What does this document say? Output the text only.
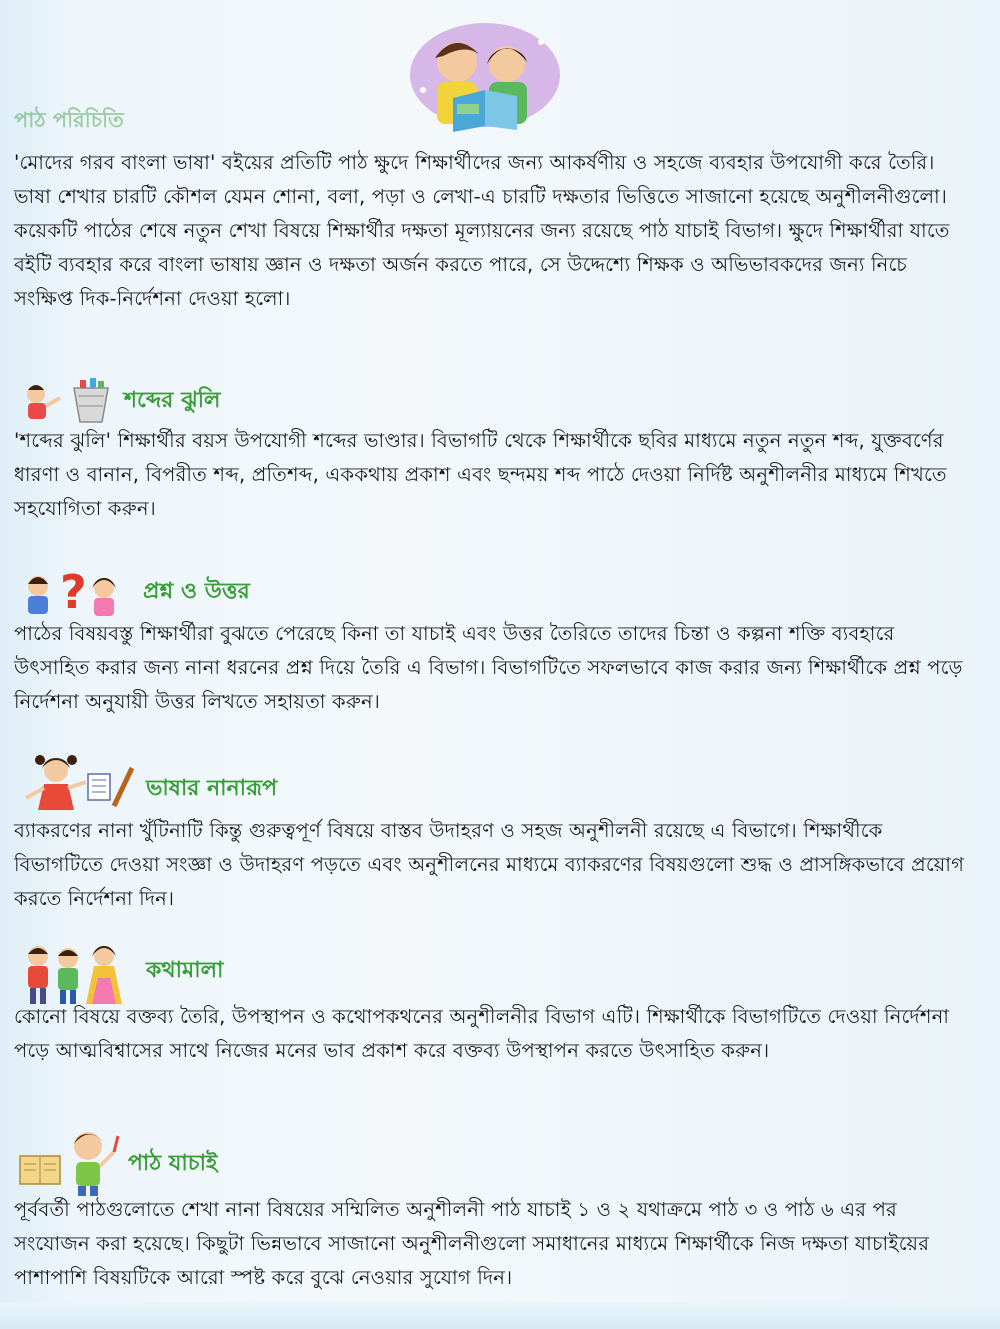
পাঠ পরিচিতি

'মোদের গরব বাংলা ভাষা' বইয়ের প্রতিটি পাঠ ক্ষুদে শিক্ষার্থীদের জন্য আকর্ষণীয় ও সহজে ব্যবহার উপযোগী করে তৈরি। ভাষা শেখার চারটি কৌশল যেমন শোনা, বলা, পড়া ও লেখা-এ চারটি দক্ষতার ভিত্তিতে সাজানো হয়েছে অনুশীলনীগুলো। কয়েকটি পাঠের শেষে নতুন শেখা বিষয়ে শিক্ষার্থীর দক্ষতা মূল্যায়নের জন্য রয়েছে পাঠ যাচাই বিভাগ। ক্ষুদে শিক্ষার্থীরা যাতে বইটি ব্যবহার করে বাংলা ভাষায় জ্ঞান ও দক্ষতা অর্জন করতে পারে, সে উদ্দেশ্যে শিক্ষক ও অভিভাবকদের জন্য নিচে সংক্ষিপ্ত দিক-নির্দেশনা দেওয়া হলো।

শব্দের ঝুলি

'শব্দের ঝুলি' শিক্ষার্থীর বয়স উপযোগী শব্দের ভাণ্ডার। বিভাগটি থেকে শিক্ষার্থীকে ছবির মাধ্যমে নতুন নতুন শব্দ, যুক্তবর্ণের ধারণা ও বানান, বিপরীত শব্দ, প্রতিশব্দ, এককথায় প্রকাশ এবং ছন্দময় শব্দ পাঠে দেওয়া নির্দিষ্ট অনুশীলনীর মাধ্যমে শিখতে সহযোগিতা করুন।

?	প্রশ্ন ও উত্তর

পাঠের বিষয়বস্তু শিক্ষার্থীরা বুঝতে পেরেছে কিনা তা যাচাই এবং উত্তর তৈরিতে তাদের চিন্তা ও কল্পনা শক্তি ব্যবহারে উৎসাহিত করার জন্য নানা ধরনের প্রশ্ন দিয়ে তৈরি এ বিভাগ। বিভাগটিতে সফলভাবে কাজ করার জন্য শিক্ষার্থীকে প্রশ্ন পড়ে নির্দেশনা অনুযায়ী উত্তর লিখতে সহায়তা করুন।

ভাষার নানারূপ

ব্যাকরণের নানা খুঁটিনাটি কিন্তু গুরুত্বপূর্ণ বিষয়ে বাস্তব উদাহরণ ও সহজ অনুশীলনী রয়েছে এ বিভাগে। শিক্ষার্থীকে বিভাগটিতে দেওয়া সংজ্ঞা ও উদাহরণ পড়তে এবং অনুশীলনের মাধ্যমে ব্যাকরণের বিষয়গুলো শুদ্ধ ও প্রাসঙ্গিকভাবে প্রয়োগ করতে নির্দেশনা দিন।

কথামালা

কোনো বিষয়ে বক্তব্য তৈরি, উপস্থাপন ও কথোপকথনের অনুশীলনীর বিভাগ এটি। শিক্ষার্থীকে বিভাগটিতে দেওয়া নির্দেশনা পড়ে আত্মবিশ্বাসের সাথে নিজের মনের ভাব প্রকাশ করে বক্তব্য উপস্থাপন করতে উৎসাহিত করুন।

পাঠ যাচাই

পূর্ববর্তী পাঠগুলোতে শেখা নানা বিষয়ের সম্মিলিত অনুশীলনী পাঠ যাচাই ১ ও ২ যথাক্রমে পাঠ ৩ ও পাঠ ৬ এর পর সংযোজন করা হয়েছে। কিছুটা ভিন্নভাবে সাজানো অনুশীলনীগুলো সমাধানের মাধ্যমে শিক্ষার্থীকে নিজ দক্ষতা যাচাইয়ের পাশাপাশি বিষয়টিকে আরো স্পষ্ট করে বুঝে নেওয়ার সুযোগ দিন।
